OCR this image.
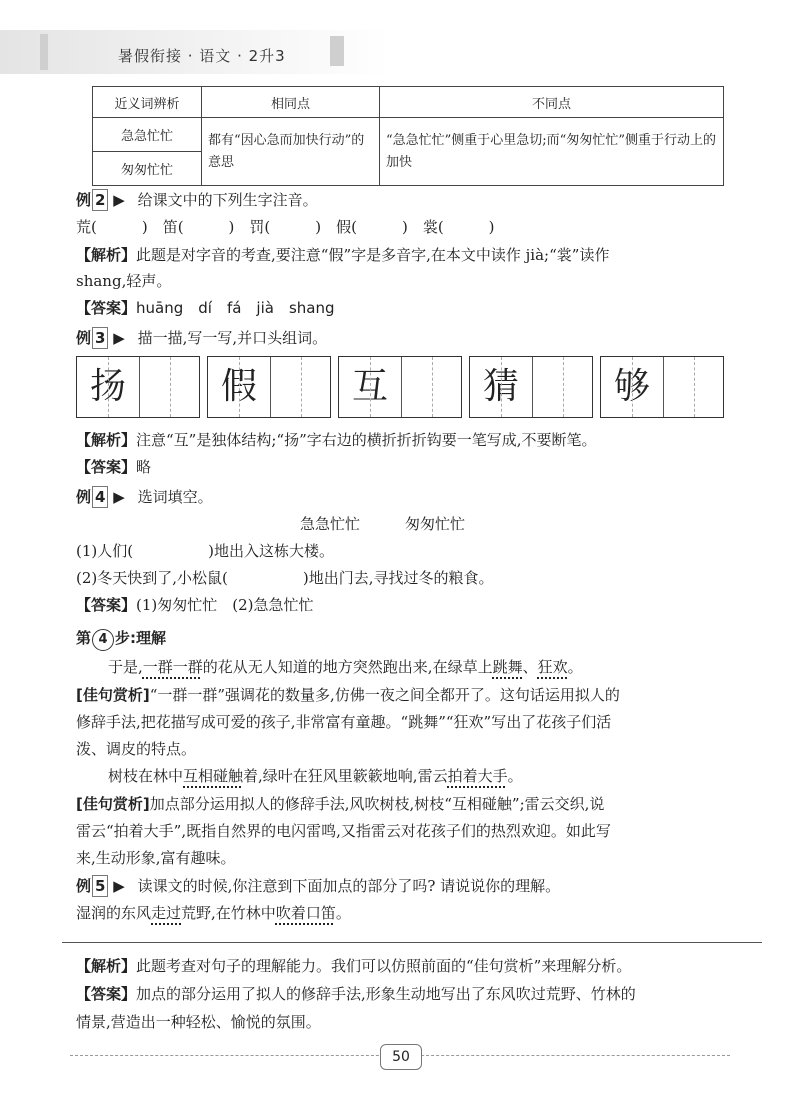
暑假衔接 · 语文 · 2升3
近义词辨析	相同点	不同点
急急忙忙	都有“因心急而加快行动”的意思	“急急忙忙”侧重于心里急切;而“匆匆忙忙”侧重于行动上的加快
匆匆忙忙		
例 2 ▶ 给课文中的下列生字注音。
荒(　　　)　笛(　　　)　罚(　　　)　假(　　　)　裳(　　　)
【解析】此题是对字音的考查,要注意“假”字是多音字,在本文中读作 jià;“裳”读作
shang,轻声。
【答案】huāng　dí　fá　jià　shang
例 3 ▶ 描一描,写一写,并口头组词。
扬	假	互	猜	够
【解析】注意“互”是独体结构;“扬”字右边的横折折折钩要一笔写成,不要断笔。
【答案】略
例 4 ▶ 选词填空。
急急忙忙　　　匆匆忙忙
(1)人们(　　　　　)地出入这栋大楼。
(2)冬天快到了,小松鼠(　　　　　)地出门去,寻找过冬的粮食。
【答案】(1)匆匆忙忙　(2)急急忙忙
第 4 步:理解
于是,一群一群的花从无人知道的地方突然跑出来,在绿草上跳舞、狂欢。
[佳句赏析]“一群一群”强调花的数量多,仿佛一夜之间全都开了。这句话运用拟人的
修辞手法,把花描写成可爱的孩子,非常富有童趣。“跳舞”“狂欢”写出了花孩子们活
泼、调皮的特点。
树枝在林中互相碰触着,绿叶在狂风里簌簌地响,雷云拍着大手。
[佳句赏析]加点部分运用拟人的修辞手法,风吹树枝,树枝“互相碰触”;雷云交织,说
雷云“拍着大手”,既指自然界的电闪雷鸣,又指雷云对花孩子们的热烈欢迎。如此写
来,生动形象,富有趣味。
例 5 ▶ 读课文的时候,你注意到下面加点的部分了吗? 请说说你的理解。
湿润的东风走过荒野,在竹林中吹着口笛。
【解析】此题考查对句子的理解能力。我们可以仿照前面的“佳句赏析”来理解分析。
【答案】加点的部分运用了拟人的修辞手法,形象生动地写出了东风吹过荒野、竹林的
情景,营造出一种轻松、愉悦的氛围。
50
